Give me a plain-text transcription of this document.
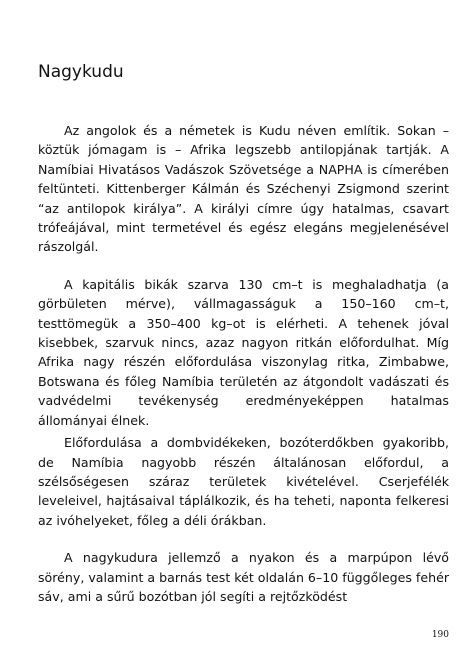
Nagykudu

Az angolok és a németek is Kudu néven említik. Sokan – köztük jómagam is – Afrika legszebb antilopjának tartják. A Namíbiai Hivatásos Vadászok Szövetsége a NAPHA is címerében feltünteti. Kittenberger Kálmán és Széchenyi Zsigmond szerint “az antilopok királya”. A királyi címre úgy hatalmas, csavart trófeájával, mint termetével és egész elegáns megjelenésével rászolgál.

A kapitális bikák szarva 130 cm–t is meghaladhatja (a görbületen mérve), vállmagasságuk a 150–160 cm–t, testtömegük a 350–400 kg–ot is elérheti. A tehenek jóval kisebbek, szarvuk nincs, azaz nagyon ritkán előfordulhat. Míg Afrika nagy részén előfordulása viszonylag ritka, Zimbabwe, Botswana és főleg Namíbia területén az átgondolt vadászati és vadvédelmi tevékenység eredményeképpen hatalmas állományai élnek.

Előfordulása a dombvidékeken, bozóterdőkben gyakoribb, de Namíbia nagyobb részén általánosan előfordul, a szélsőségesen száraz területek kivételével. Cserjefélék leveleivel, hajtásaival táplálkozik, és ha teheti, naponta felkeresi az ivóhelyeket, főleg a déli órákban.

A nagykudura jellemző a nyakon és a marpúpon lévő sörény, valamint a barnás test két oldalán 6–10 függőleges fehér sáv, ami a sűrű bozótban jól segíti a rejtőzködést

190
